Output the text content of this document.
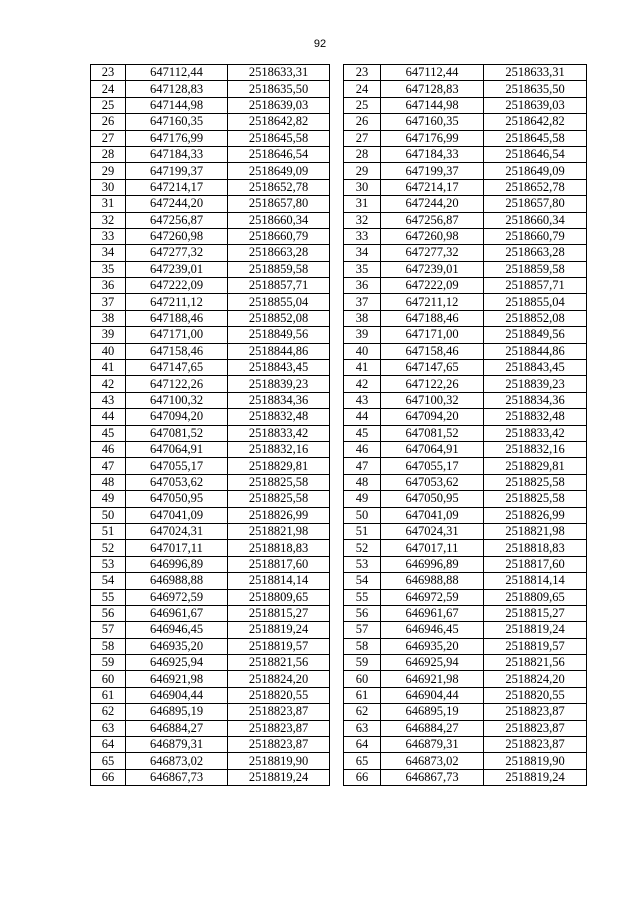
92
23	647112,44	2518633,31
24	647128,83	2518635,50
25	647144,98	2518639,03
26	647160,35	2518642,82
27	647176,99	2518645,58
28	647184,33	2518646,54
29	647199,37	2518649,09
30	647214,17	2518652,78
31	647244,20	2518657,80
32	647256,87	2518660,34
33	647260,98	2518660,79
34	647277,32	2518663,28
35	647239,01	2518859,58
36	647222,09	2518857,71
37	647211,12	2518855,04
38	647188,46	2518852,08
39	647171,00	2518849,56
40	647158,46	2518844,86
41	647147,65	2518843,45
42	647122,26	2518839,23
43	647100,32	2518834,36
44	647094,20	2518832,48
45	647081,52	2518833,42
46	647064,91	2518832,16
47	647055,17	2518829,81
48	647053,62	2518825,58
49	647050,95	2518825,58
50	647041,09	2518826,99
51	647024,31	2518821,98
52	647017,11	2518818,83
53	646996,89	2518817,60
54	646988,88	2518814,14
55	646972,59	2518809,65
56	646961,67	2518815,27
57	646946,45	2518819,24
58	646935,20	2518819,57
59	646925,94	2518821,56
60	646921,98	2518824,20
61	646904,44	2518820,55
62	646895,19	2518823,87
63	646884,27	2518823,87
64	646879,31	2518823,87
65	646873,02	2518819,90
66	646867,73	2518819,24
23	647112,44	2518633,31
24	647128,83	2518635,50
25	647144,98	2518639,03
26	647160,35	2518642,82
27	647176,99	2518645,58
28	647184,33	2518646,54
29	647199,37	2518649,09
30	647214,17	2518652,78
31	647244,20	2518657,80
32	647256,87	2518660,34
33	647260,98	2518660,79
34	647277,32	2518663,28
35	647239,01	2518859,58
36	647222,09	2518857,71
37	647211,12	2518855,04
38	647188,46	2518852,08
39	647171,00	2518849,56
40	647158,46	2518844,86
41	647147,65	2518843,45
42	647122,26	2518839,23
43	647100,32	2518834,36
44	647094,20	2518832,48
45	647081,52	2518833,42
46	647064,91	2518832,16
47	647055,17	2518829,81
48	647053,62	2518825,58
49	647050,95	2518825,58
50	647041,09	2518826,99
51	647024,31	2518821,98
52	647017,11	2518818,83
53	646996,89	2518817,60
54	646988,88	2518814,14
55	646972,59	2518809,65
56	646961,67	2518815,27
57	646946,45	2518819,24
58	646935,20	2518819,57
59	646925,94	2518821,56
60	646921,98	2518824,20
61	646904,44	2518820,55
62	646895,19	2518823,87
63	646884,27	2518823,87
64	646879,31	2518823,87
65	646873,02	2518819,90
66	646867,73	2518819,24
